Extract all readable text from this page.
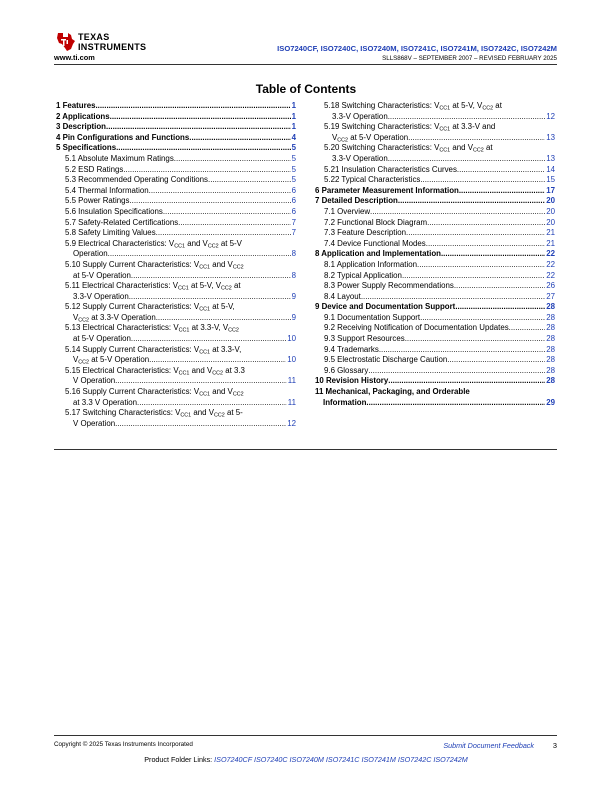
TEXAS
INSTRUMENTS
www.ti.com
ISO7240CF, ISO7240C, ISO7240M, ISO7241C, ISO7241M, ISO7242C, ISO7242M
SLLS868V – SEPTEMBER 2007 – REVISED FEBRUARY 2025
Table of Contents
1 Features .....	1
2 Applications .....	1
3 Description .....	1
4 Pin Configurations and Functions .....	4
5 Specifications .....	5
5.1 Absolute Maximum Ratings .....	5
5.2 ESD Ratings .....	5
5.3 Recommended Operating Conditions .....	5
5.4 Thermal Information .....	6
5.5 Power Ratings .....	6
5.6 Insulation Specifications .....	6
5.7 Safety-Related Certifications .....	7
5.8 Safety Limiting Values .....	7
5.9 Electrical Characteristics: $V_{CC1}$ and $V_{CC2}$ at 5-V
Operation .....	8
5.10 Supply Current Characteristics: $V_{CC1}$ and $V_{CC2}$
at 5-V Operation .....	8
5.11 Electrical Characteristics: $V_{CC1}$ at 5-V, $V_{CC2}$ at
3.3-V Operation .....	9
5.12 Supply Current Characteristics: $V_{CC1}$ at 5-V,
$V_{CC2}$ at 3.3-V Operation .....	9
5.13 Electrical Characteristics: $V_{CC1}$ at 3.3-V, $V_{CC2}$
at 5-V Operation .....	10
5.14 Supply Current Characteristics: $V_{CC1}$ at 3.3-V,
$V_{CC2}$ at 5-V Operation .....	10
5.15 Electrical Characteristics: $V_{CC1}$ and $V_{CC2}$ at 3.3
V Operation .....	11
5.16 Supply Current Characteristics: $V_{CC1}$ and $V_{CC2}$
at 3.3 V Operation .....	11
5.17 Switching Characteristics: $V_{CC1}$ and $V_{CC2}$ at 5-
V Operation .....	12
5.18 Switching Characteristics: $V_{CC1}$ at 5-V, $V_{CC2}$ at
3.3-V Operation .....	12
5.19 Switching Characteristics: $V_{CC1}$ at 3.3-V and
$V_{CC2}$ at 5-V Operation .....	13
5.20 Switching Characteristics: $V_{CC1}$ and $V_{CC2}$ at
3.3-V Operation .....	13
5.21 Insulation Characteristics Curves .....	14
5.22 Typical Characteristics .....	15
6 Parameter Measurement Information .....	17
7 Detailed Description .....	20
7.1 Overview .....	20
7.2 Functional Block Diagram .....	20
7.3 Feature Description .....	21
7.4 Device Functional Modes .....	21
8 Application and Implementation .....	22
8.1 Application Information .....	22
8.2 Typical Application .....	22
8.3 Power Supply Recommendations .....	26
8.4 Layout .....	27
9 Device and Documentation Support .....	28
9.1 Documentation Support .....	28
9.2 Receiving Notification of Documentation Updates .....	28
9.3 Support Resources .....	28
9.4 Trademarks .....	28
9.5 Electrostatic Discharge Caution .....	28
9.6 Glossary .....	28
10 Revision History .....	28
11 Mechanical, Packaging, and Orderable
Information .....	29
Copyright © 2025 Texas Instruments Incorporated	Submit Document Feedback	3
Product Folder Links: ISO7240CF ISO7240C ISO7240M ISO7241C ISO7241M ISO7242C ISO7242M
